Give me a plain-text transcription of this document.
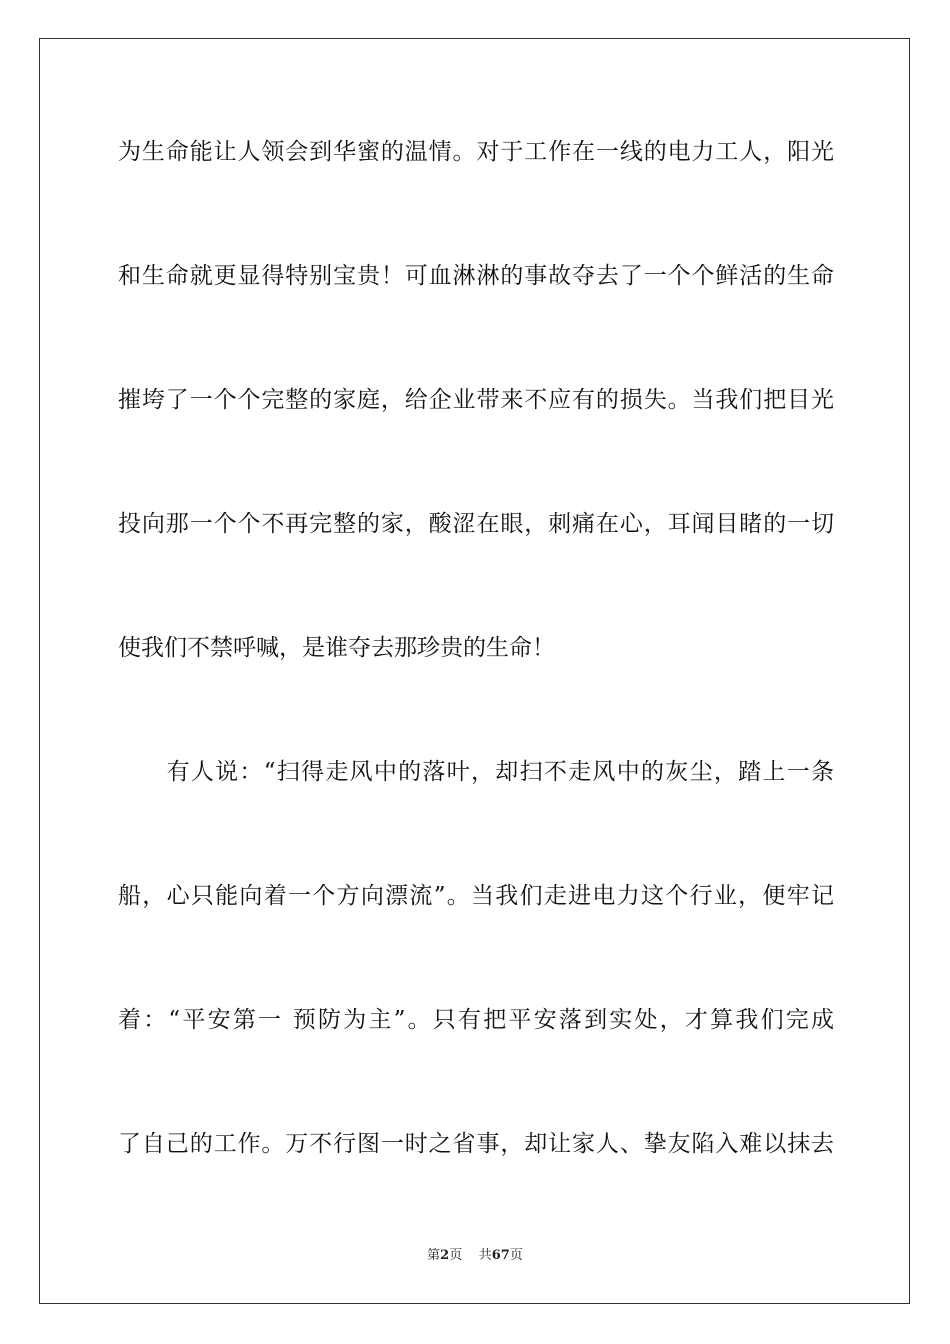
为生命能让人领会到华蜜的温情。对于工作在一线的电力工人，阳光
和生命就更显得特别宝贵！可血淋淋的事故夺去了一个个鲜活的生命
摧垮了一个个完整的家庭，给企业带来不应有的损失。当我们把目光
投向那一个个不再完整的家，酸涩在眼，刺痛在心，耳闻目睹的一切
使我们不禁呼喊，是谁夺去那珍贵的生命！
　　有人说：“扫得走风中的落叶，却扫不走风中的灰尘，踏上一条
船，心只能向着一个方向漂流”。当我们走进电力这个行业，便牢记
着：“平安第一 预防为主”。只有把平安落到实处，才算我们完成
了自己的工作。万不行图一时之省事，却让家人、挚友陷入难以抹去
第2页 共67页
